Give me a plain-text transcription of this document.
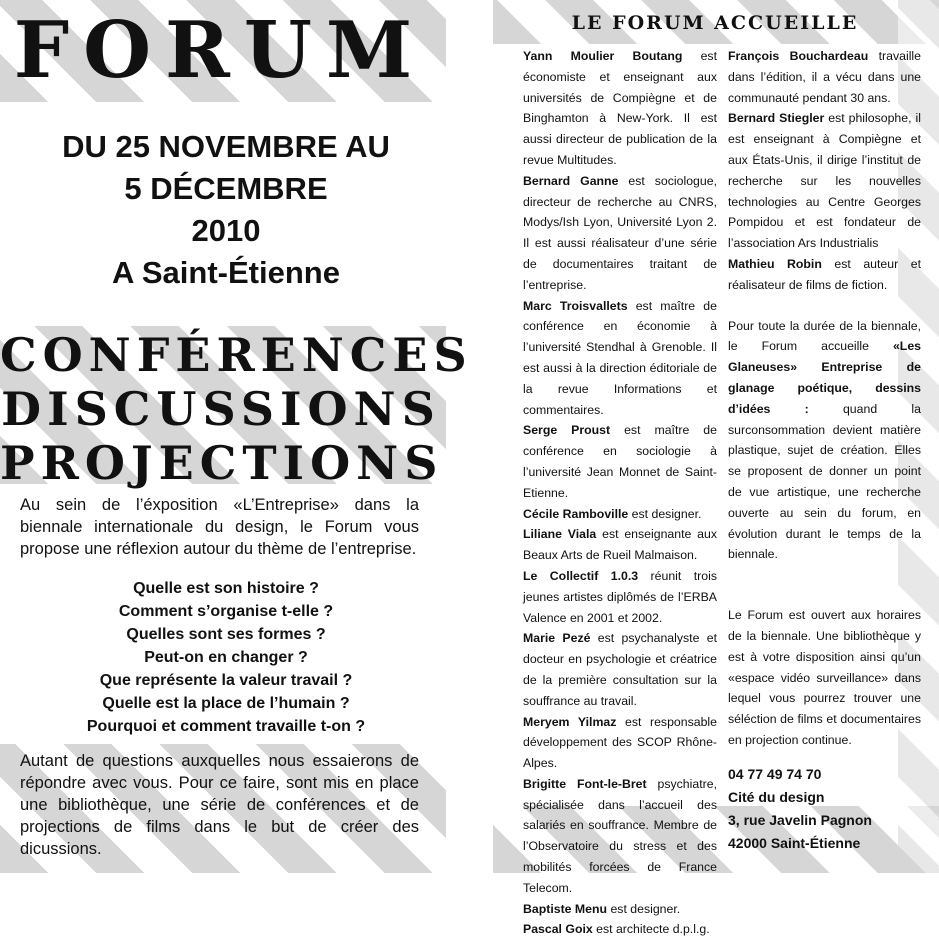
FORUM
DU 25 NOVEMBRE AU
5 DÉCEMBRE
2010
A Saint-Étienne
CONFÉRENCES
DISCUSSIONS
PROJECTIONS
Au sein de l’éxposition «L’Entreprise» dans la biennale internationale du design, le Forum vous propose une réflexion autour du thème de l’entreprise.
Quelle est son histoire ?
Comment s’organise t-elle ?
Quelles sont ses formes ?
Peut-on en changer ?
Que représente la valeur travail ?
Quelle est la place de l’humain ?
Pourquoi et comment travaille t-on ?
Autant de questions auxquelles nous essaierons de répondre avec vous. Pour ce faire, sont mis en place une bibliothèque, une série de conférences et de projections de films dans le but de créer des dicussions.
LE FORUM ACCUEILLE

Yann Moulier Boutang est économiste et enseignant aux universités de Compiègne et de Binghamton à New-York. Il est aussi directeur de publication de la revue Multitudes.

Bernard Ganne est sociologue, directeur de recherche au CNRS, Modys/Ish Lyon, Université Lyon 2. Il est aussi réalisateur d’une série de documentaires traitant de l’entreprise.

Marc Troisvallets est maître de conférence en économie à l’université Stendhal à Grenoble. Il est aussi à la direction éditoriale de la revue Informations et commentaires.

Serge Proust est maître de conférence en sociologie à l’université Jean Monnet de Saint-Etienne.

Cécile Ramboville est designer.

Liliane Viala est enseignante aux Beaux Arts de Rueil Malmaison.

Le Collectif 1.0.3 réunit trois jeunes artistes diplômés de l’ERBA Valence en 2001 et 2002.

Marie Pezé est psychanalyste et docteur en psychologie et créatrice de la première consultation sur la souffrance au travail.

Meryem Yilmaz est responsable développement des SCOP Rhône-Alpes.

Brigitte Font-le-Bret psychiatre, spécialisée dans l’accueil des salariés en souffrance. Membre de l’Observatoire du stress et des mobilités forcées de France Telecom.

Baptiste Menu est designer.

Pascal Goix est architecte d.p.l.g.

François Bouchardeau travaille dans l’édition, il a vécu dans une communauté pendant 30 ans.

Bernard Stiegler est philosophe, il est enseignant à Compiègne et aux États-Unis, il dirige l’institut de recherche sur les nouvelles technologies au Centre Georges Pompidou et est fondateur de l’association Ars Industrialis

Mathieu Robin est auteur et réalisateur de films de fiction.

Pour toute la durée de la biennale, le Forum accueille «Les Glaneuses» Entreprise de glanage poétique, dessins d’idées : quand la surconsommation devient matière plastique, sujet de création. Elles se proposent de donner un point de vue artistique, une recherche ouverte au sein du forum, en évolution durant le temps de la biennale.

Le Forum est ouvert aux horaires de la biennale. Une bibliothèque y est à votre disposition ainsi qu’un «espace vidéo surveillance» dans lequel vous pourrez trouver une séléction de films et documentaires en projection continue.

04 77 49 74 70
Cité du design
3, rue Javelin Pagnon
42000 Saint-Étienne
